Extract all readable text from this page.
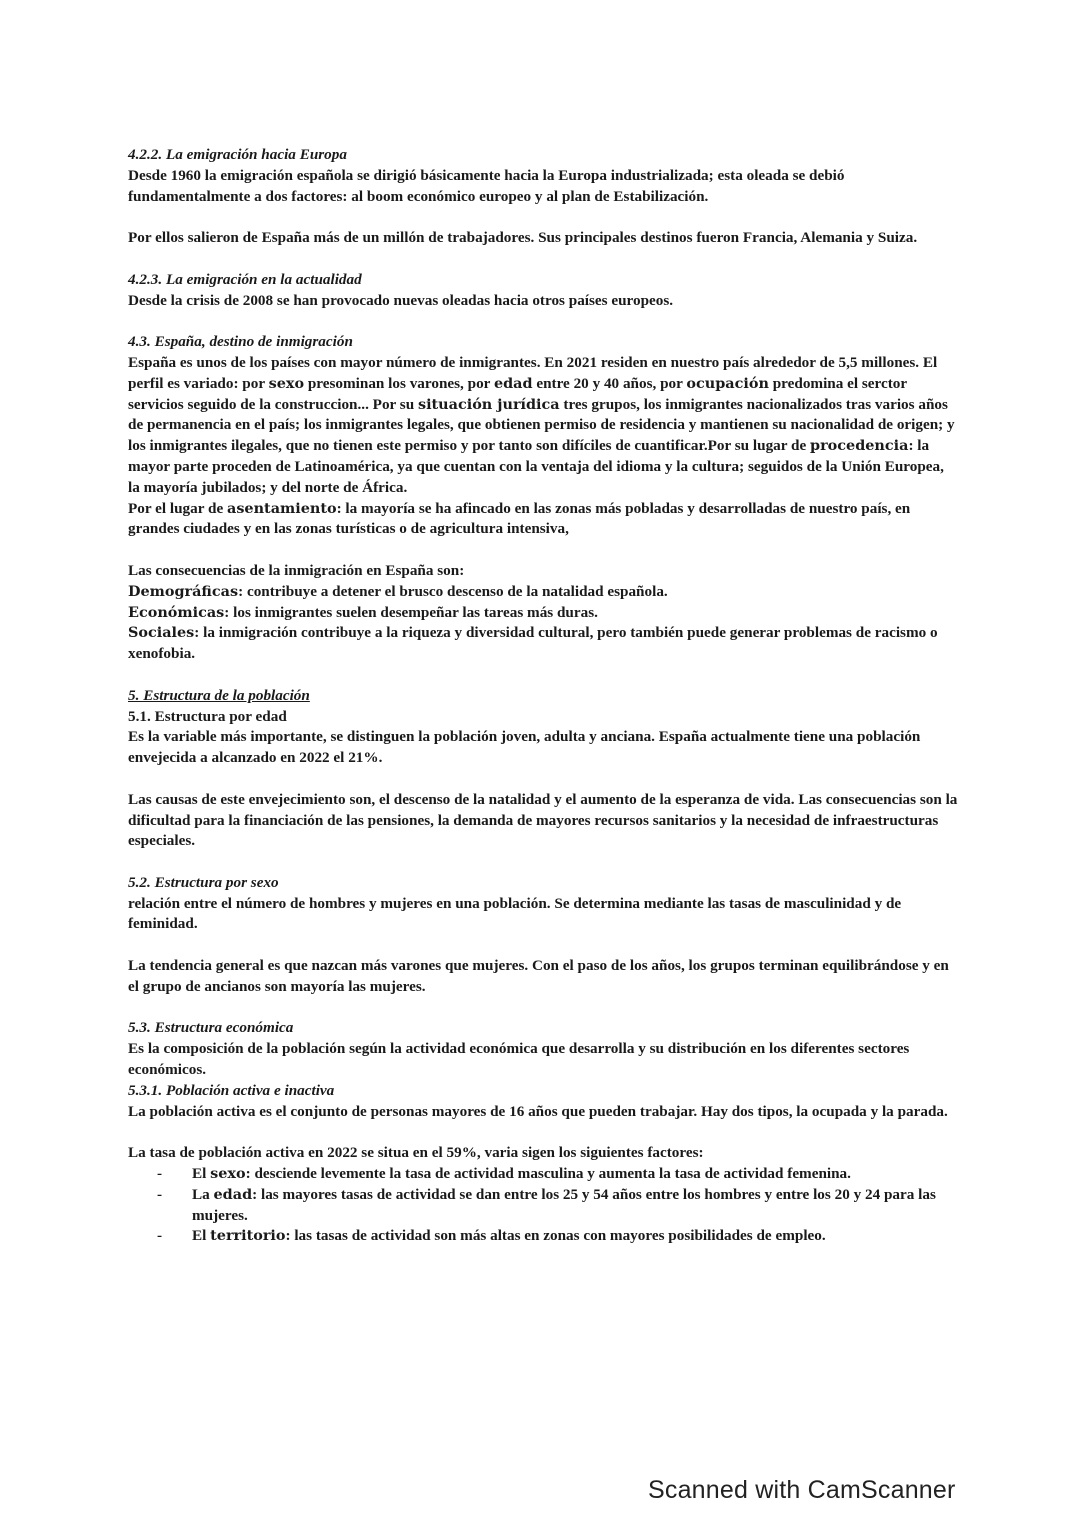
4.2.2. La emigración hacia Europa

Desde 1960 la emigración española se dirigió básicamente hacia la Europa industrializada; esta oleada se debió fundamentalmente a dos factores: al boom económico europeo y al plan de Estabilización.

Por ellos salieron de España más de un millón de trabajadores. Sus principales destinos fueron Francia, Alemania y Suiza.

4.2.3. La emigración en la actualidad

Desde la crisis de 2008 se han provocado nuevas oleadas hacia otros países europeos.

4.3. España, destino de inmigración

España es unos de los países con mayor número de inmigrantes. En 2021 residen en nuestro país alrededor de 5,5 millones. El perfil es variado: por sexo presominan los varones, por edad entre 20 y 40 años, por ocupación predomina el serctor servicios seguido de la construccion... Por su situación jurídica tres grupos, los inmigrantes nacionalizados tras varios años de permanencia en el país; los inmigrantes legales, que obtienen permiso de residencia y mantienen su nacionalidad de origen; y los inmigrantes ilegales, que no tienen este permiso y por tanto son difíciles de cuantificar.Por su lugar de procedencia: la mayor parte proceden de Latinoamérica, ya que cuentan con la ventaja del idioma y la cultura; seguidos de la Unión Europea, la mayoría jubilados; y del norte de África.

Por el lugar de asentamiento: la mayoría se ha afincado en las zonas más pobladas y desarrolladas de nuestro país, en grandes ciudades y en las zonas turísticas o de agricultura intensiva,

Las consecuencias de la inmigración en España son:

Demográficas: contribuye a detener el brusco descenso de la natalidad española.

Económicas: los inmigrantes suelen desempeñar las tareas más duras.

Sociales: la inmigración contribuye a la riqueza y diversidad cultural, pero también puede generar problemas de racismo o xenofobia.

5. Estructura de la población
5.1. Estructura por edad

Es la variable más importante, se distinguen la población joven, adulta y anciana. España actualmente tiene una población envejecida a alcanzado en 2022 el 21%.

Las causas de este envejecimiento son, el descenso de la natalidad y el aumento de la esperanza de vida. Las consecuencias son la dificultad para la financiación de las pensiones, la demanda de mayores recursos sanitarios y la necesidad de infraestructuras especiales.

5.2. Estructura por sexo

relación entre el número de hombres y mujeres en una población. Se determina mediante las tasas de masculinidad y de feminidad.

La tendencia general es que nazcan más varones que mujeres. Con el paso de los años, los grupos terminan equilibrándose y en el grupo de ancianos son mayoría las mujeres.

5.3. Estructura económica

Es la composición de la población según la actividad económica que desarrolla y su distribución en los diferentes sectores económicos.

5.3.1. Población activa e inactiva

La población activa es el conjunto de personas mayores de 16 años que pueden trabajar. Hay dos tipos, la ocupada y la parada.

La tasa de población activa en 2022 se situa en el 59%, varia sigen los siguientes factores:

- El sexo: desciende levemente la tasa de actividad masculina y aumenta la tasa de actividad femenina.
- La edad: las mayores tasas de actividad se dan entre los 25 y 54 años entre los hombres y entre los 20 y 24 para las mujeres.
- El territorio: las tasas de actividad son más altas en zonas con mayores posibilidades de empleo.
Scanned with CamScanner
